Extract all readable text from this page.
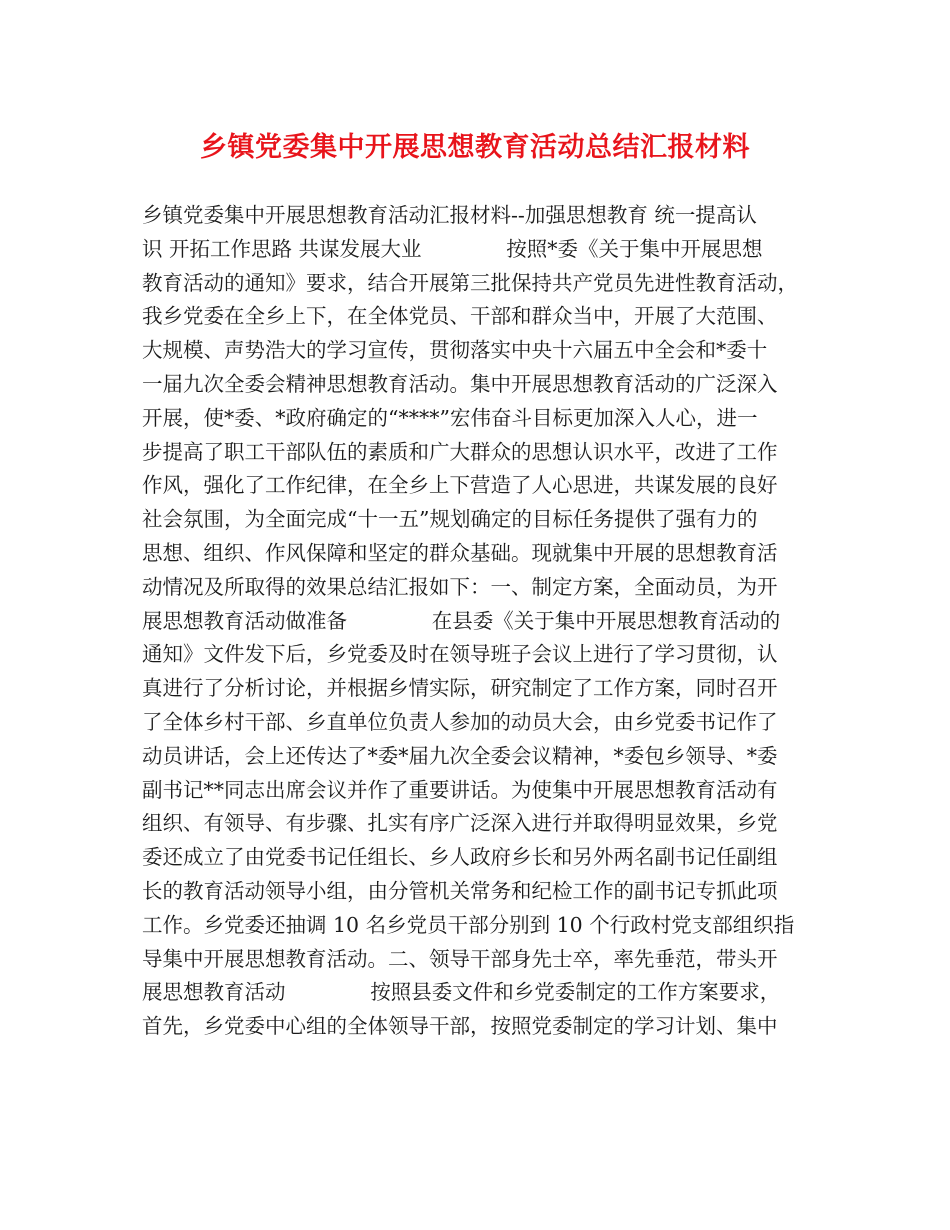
乡镇党委集中开展思想教育活动总结汇报材料
乡镇党委集中开展思想教育活动汇报材料--加强思想教育 统一提高认
识 开拓工作思路 共谋发展大业             按照*委《关于集中开展思想
教育活动的通知》要求，结合开展第三批保持共产党员先进性教育活动，
我乡党委在全乡上下，在全体党员、干部和群众当中，开展了大范围、
大规模、声势浩大的学习宣传，贯彻落实中央十六届五中全会和*委十
一届九次全委会精神思想教育活动。集中开展思想教育活动的广泛深入
开展，使*委、*政府确定的“****”宏伟奋斗目标更加深入人心，进一
步提高了职工干部队伍的素质和广大群众的思想认识水平，改进了工作
作风，强化了工作纪律，在全乡上下营造了人心思进，共谋发展的良好
社会氛围，为全面完成“十一五”规划确定的目标任务提供了强有力的
思想、组织、作风保障和坚定的群众基础。现就集中开展的思想教育活
动情况及所取得的效果总结汇报如下：一、制定方案，全面动员，为开
展思想教育活动做准备             在县委《关于集中开展思想教育活动的
通知》文件发下后，乡党委及时在领导班子会议上进行了学习贯彻，认
真进行了分析讨论，并根据乡情实际，研究制定了工作方案，同时召开
了全体乡村干部、乡直单位负责人参加的动员大会，由乡党委书记作了
动员讲话，会上还传达了*委*届九次全委会议精神，*委包乡领导、*委
副书记**同志出席会议并作了重要讲话。为使集中开展思想教育活动有
组织、有领导、有步骤、扎实有序广泛深入进行并取得明显效果，乡党
委还成立了由党委书记任组长、乡人政府乡长和另外两名副书记任副组
长的教育活动领导小组，由分管机关常务和纪检工作的副书记专抓此项
工作。乡党委还抽调 10 名乡党员干部分别到 10 个行政村党支部组织指
导集中开展思想教育活动。二、领导干部身先士卒，率先垂范，带头开
展思想教育活动             按照县委文件和乡党委制定的工作方案要求，
首先，乡党委中心组的全体领导干部，按照党委制定的学习计划、集中
